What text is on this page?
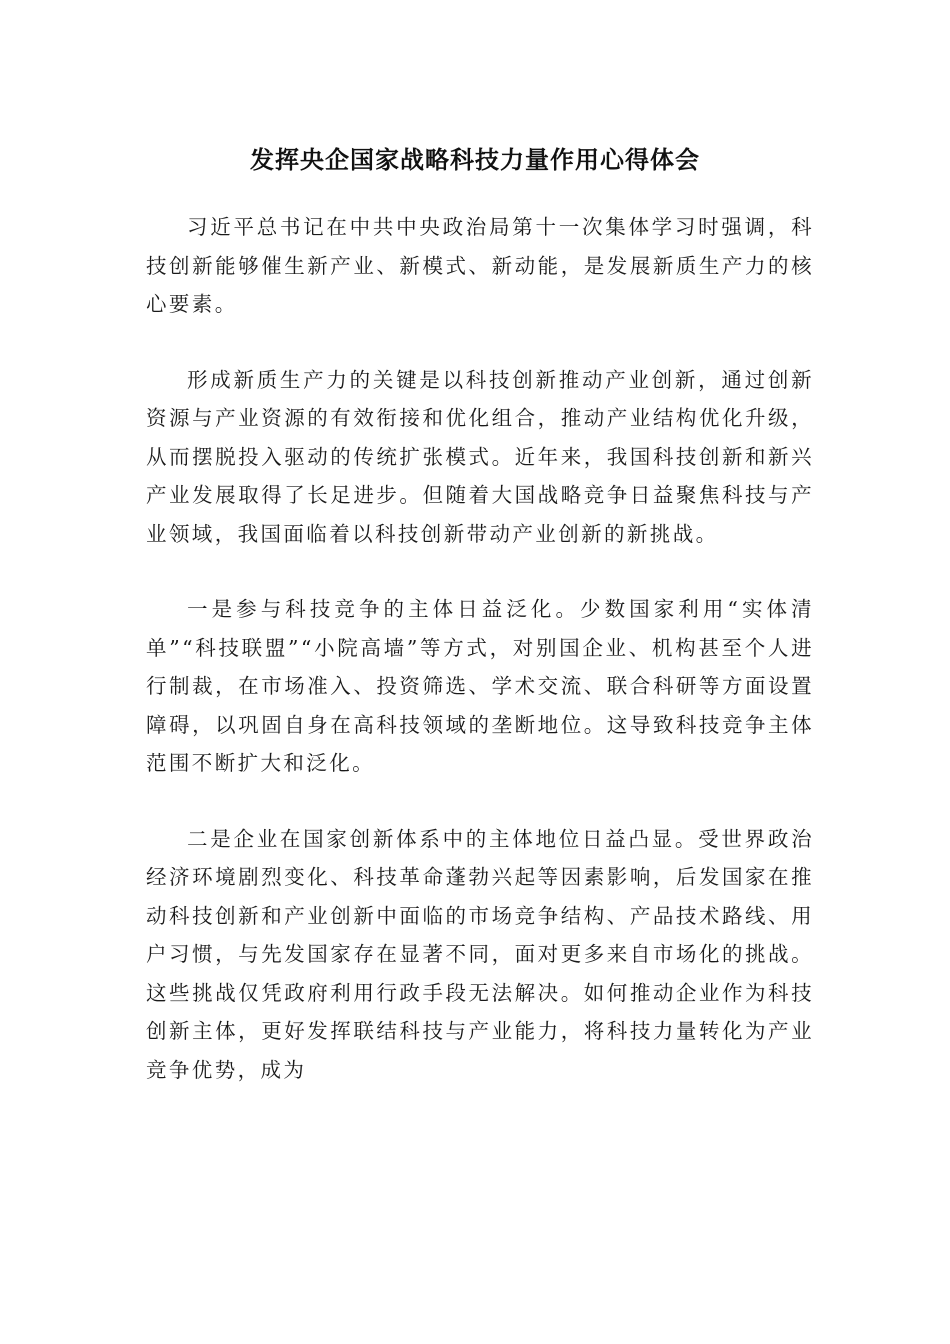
发挥央企国家战略科技力量作用心得体会

习近平总书记在中共中央政治局第十一次集体学习时强调，科技创新能够催生新产业、新模式、新动能，是发展新质生产力的核心要素。

形成新质生产力的关键是以科技创新推动产业创新，通过创新资源与产业资源的有效衔接和优化组合，推动产业结构优化升级，从而摆脱投入驱动的传统扩张模式。近年来，我国科技创新和新兴产业发展取得了长足进步。但随着大国战略竞争日益聚焦科技与产业领域，我国面临着以科技创新带动产业创新的新挑战。

一是参与科技竞争的主体日益泛化。少数国家利用“实体清单”“科技联盟”“小院高墙”等方式，对别国企业、机构甚至个人进行制裁，在市场准入、投资筛选、学术交流、联合科研等方面设置障碍，以巩固自身在高科技领域的垄断地位。这导致科技竞争主体范围不断扩大和泛化。

二是企业在国家创新体系中的主体地位日益凸显。受世界政治经济环境剧烈变化、科技革命蓬勃兴起等因素影响，后发国家在推动科技创新和产业创新中面临的市场竞争结构、产品技术路线、用户习惯，与先发国家存在显著不同，面对更多来自市场化的挑战。这些挑战仅凭政府利用行政手段无法解决。如何推动企业作为科技创新主体，更好发挥联结科技与产业能力，将科技力量转化为产业竞争优势，成为
